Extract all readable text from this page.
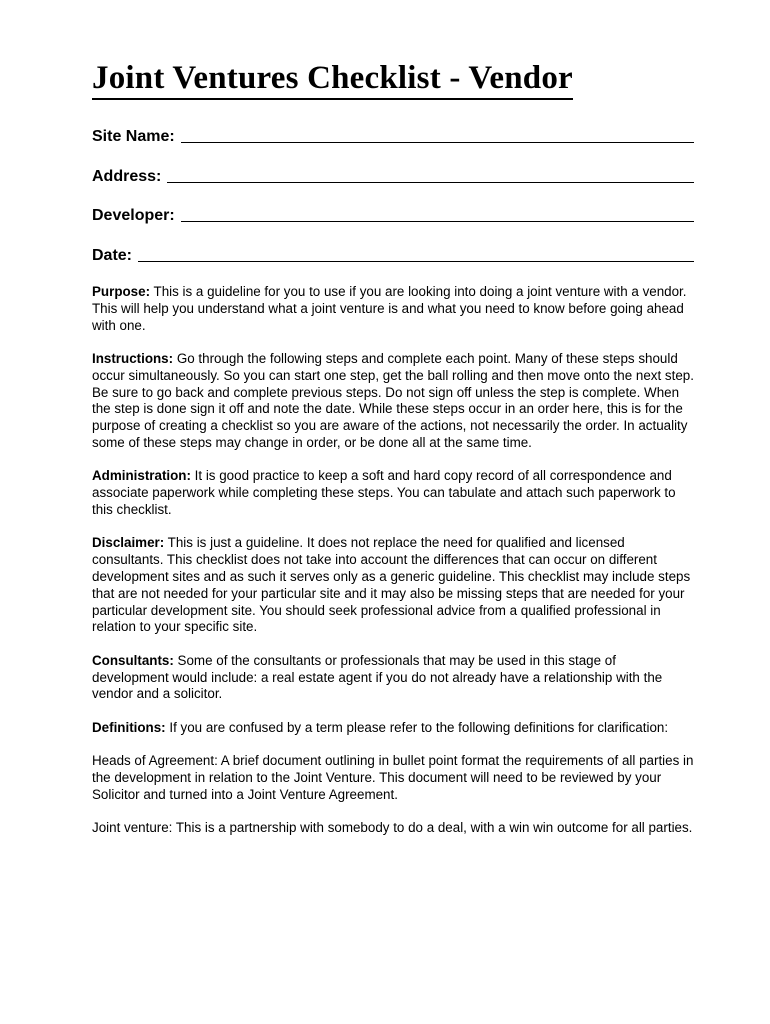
Joint Ventures Checklist - Vendor
Site Name:
Address:
Developer:
Date:

Purpose: This is a guideline for you to use if you are looking into doing a joint venture with a vendor. This will help you understand what a joint venture is and what you need to know before going ahead with one.

Instructions: Go through the following steps and complete each point. Many of these steps should occur simultaneously. So you can start one step, get the ball rolling and then move onto the next step. Be sure to go back and complete previous steps. Do not sign off unless the step is complete. When the step is done sign it off and note the date. While these steps occur in an order here, this is for the purpose of creating a checklist so you are aware of the actions, not necessarily the order. In actuality some of these steps may change in order, or be done all at the same time.

Administration: It is good practice to keep a soft and hard copy record of all correspondence and associate paperwork while completing these steps. You can tabulate and attach such paperwork to this checklist.

Disclaimer: This is just a guideline. It does not replace the need for qualified and licensed consultants. This checklist does not take into account the differences that can occur on different development sites and as such it serves only as a generic guideline. This checklist may include steps that are not needed for your particular site and it may also be missing steps that are needed for your particular development site. You should seek professional advice from a qualified professional in relation to your specific site.

Consultants: Some of the consultants or professionals that may be used in this stage of development would include: a real estate agent if you do not already have a relationship with the vendor and a solicitor.

Definitions: If you are confused by a term please refer to the following definitions for clarification:

Heads of Agreement: A brief document outlining in bullet point format the requirements of all parties in the development in relation to the Joint Venture. This document will need to be reviewed by your Solicitor and turned into a Joint Venture Agreement.

Joint venture: This is a partnership with somebody to do a deal, with a win win outcome for all parties.
